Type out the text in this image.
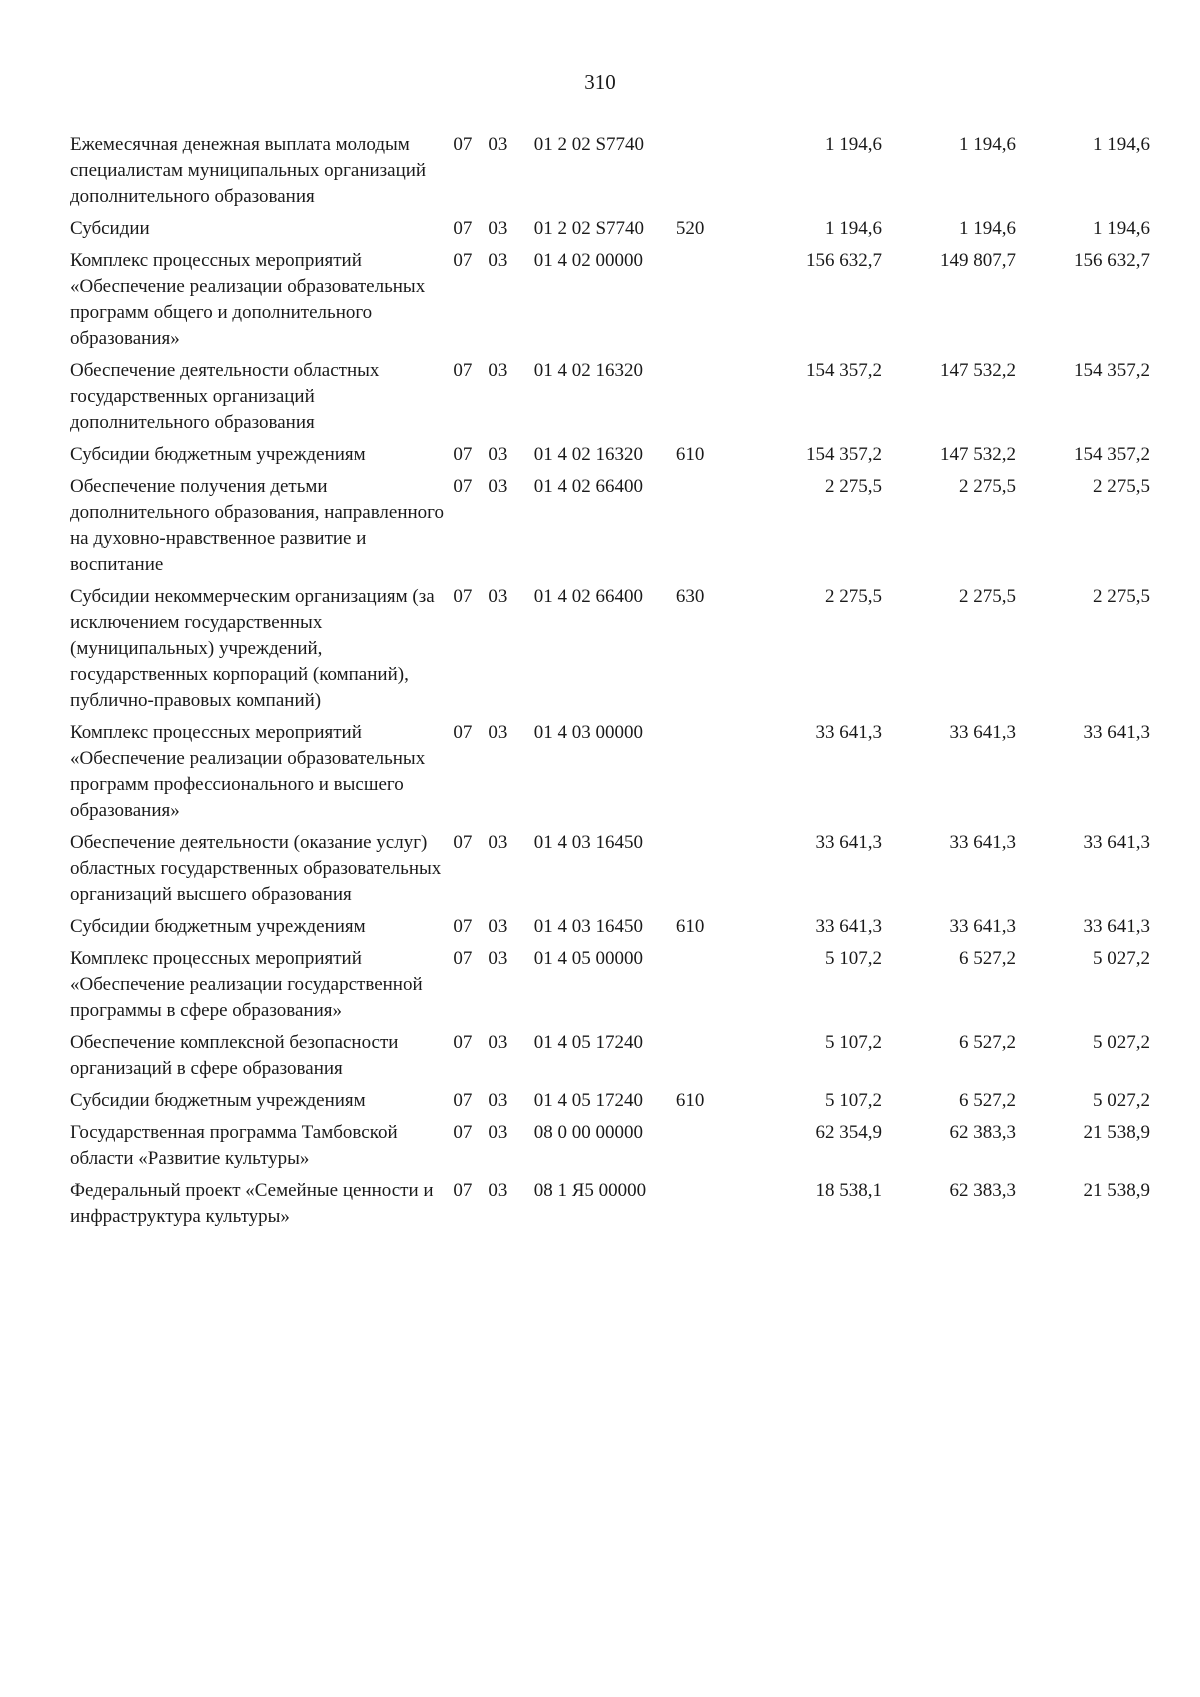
310
Ежемесячная денежная выплата молодым специалистам муниципальных организаций дополнительного образования	07	03	01 2 02 S7740		1 194,6	1 194,6	1 194,6
Субсидии	07	03	01 2 02 S7740	520	1 194,6	1 194,6	1 194,6
Комплекс процессных мероприятий «Обеспечение реализации образовательных программ общего и дополнительного образования»	07	03	01 4 02 00000		156 632,7	149 807,7	156 632,7
Обеспечение деятельности областных государственных организаций дополнительного образования	07	03	01 4 02 16320		154 357,2	147 532,2	154 357,2
Субсидии бюджетным учреждениям	07	03	01 4 02 16320	610	154 357,2	147 532,2	154 357,2
Обеспечение получения детьми дополнительного образования, направленного на духовно-нравственное развитие и воспитание	07	03	01 4 02 66400		2 275,5	2 275,5	2 275,5
Субсидии некоммерческим организациям (за исключением государственных (муниципальных) учреждений, государственных корпораций (компаний), публично-правовых компаний)	07	03	01 4 02 66400	630	2 275,5	2 275,5	2 275,5
Комплекс процессных мероприятий «Обеспечение реализации образовательных программ профессионального и высшего образования»	07	03	01 4 03 00000		33 641,3	33 641,3	33 641,3
Обеспечение деятельности (оказание услуг) областных государственных образовательных организаций высшего образования	07	03	01 4 03 16450		33 641,3	33 641,3	33 641,3
Субсидии бюджетным учреждениям	07	03	01 4 03 16450	610	33 641,3	33 641,3	33 641,3
Комплекс процессных мероприятий «Обеспечение реализации государственной программы в сфере образования»	07	03	01 4 05 00000		5 107,2	6 527,2	5 027,2
Обеспечение комплексной безопасности организаций в сфере образования	07	03	01 4 05 17240		5 107,2	6 527,2	5 027,2
Субсидии бюджетным учреждениям	07	03	01 4 05 17240	610	5 107,2	6 527,2	5 027,2
Государственная программа Тамбовской области «Развитие культуры»	07	03	08 0 00 00000		62 354,9	62 383,3	21 538,9
Федеральный проект «Семейные ценности и инфраструктура культуры»	07	03	08 1 Я5 00000		18 538,1	62 383,3	21 538,9
